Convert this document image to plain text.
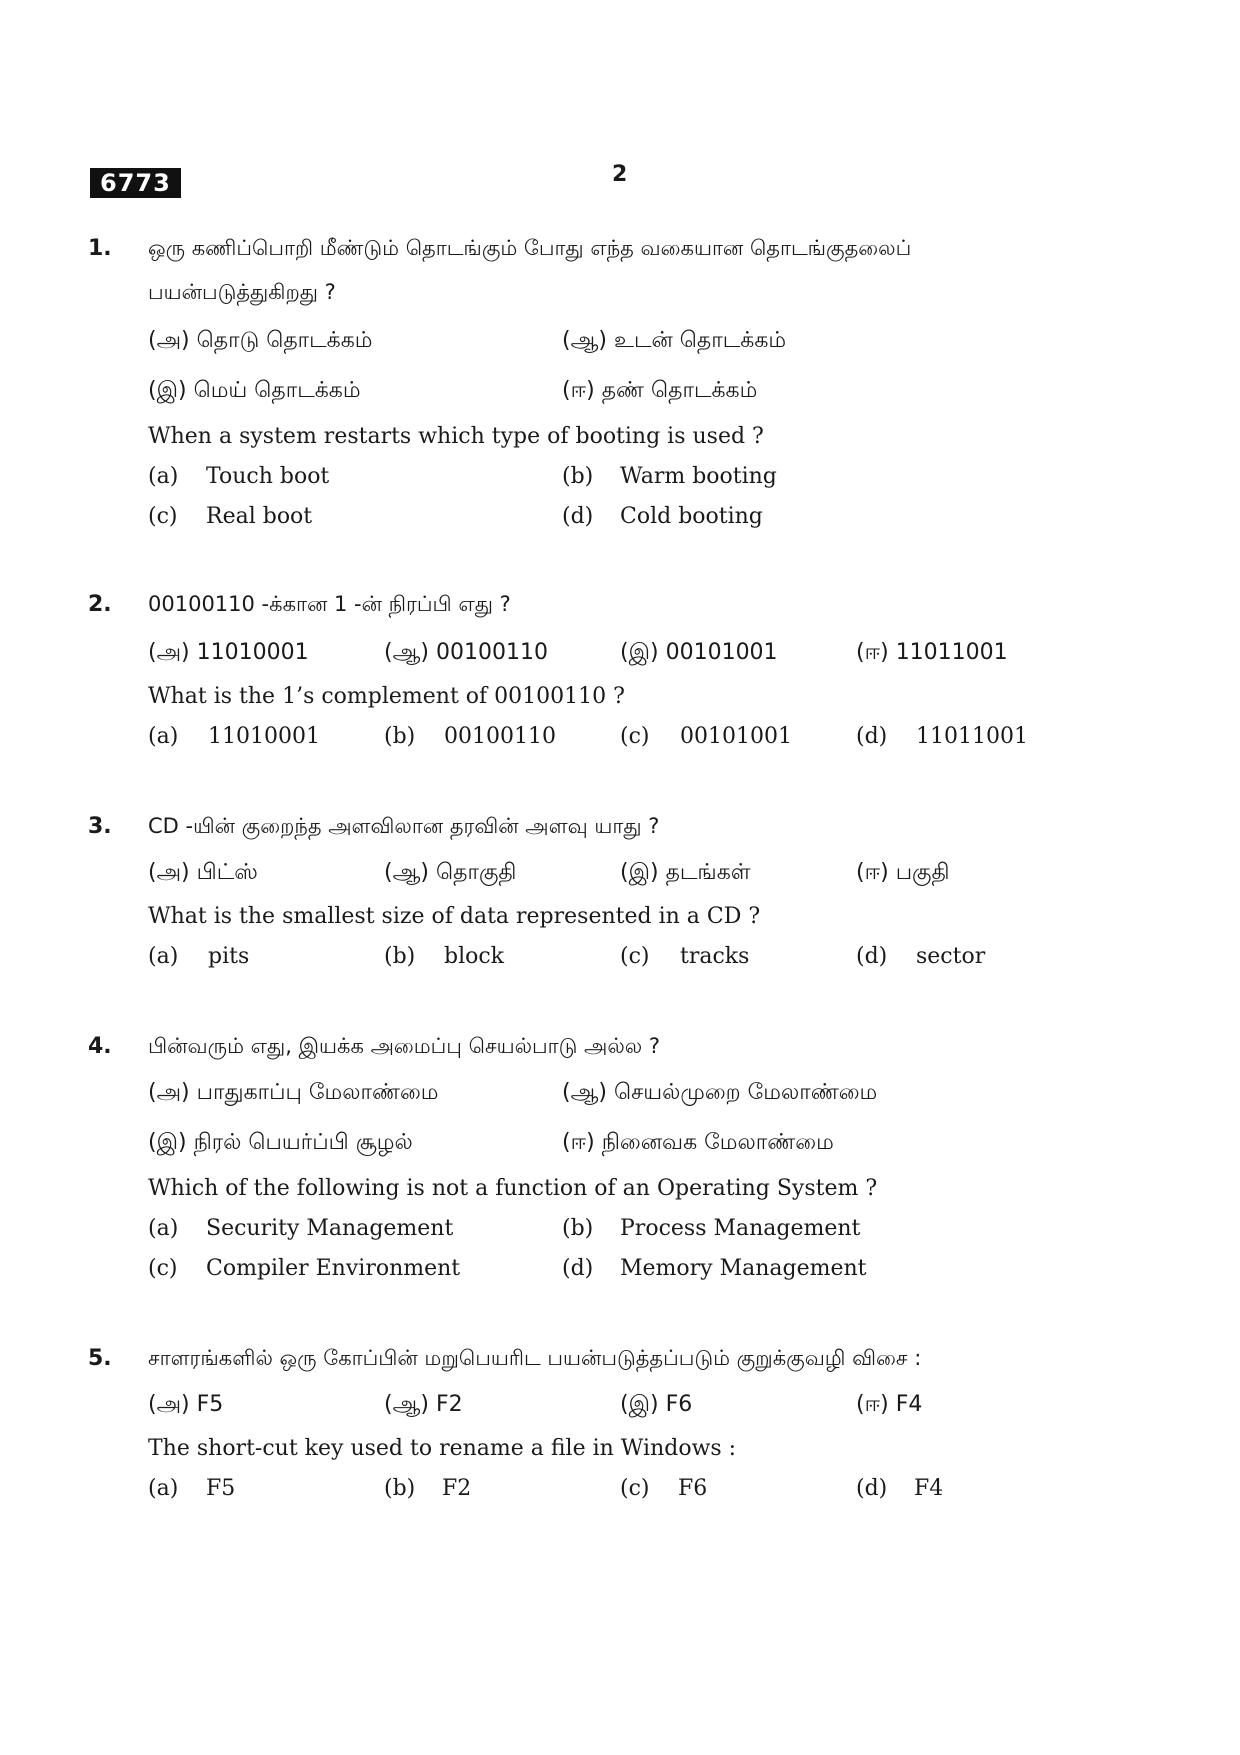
6773	2
1. ஒரு கணிப்பொறி மீண்டும் தொடங்கும் போது எந்த வகையான தொடங்குதலைப்
பயன்படுத்துகிறது ?
(அ) தொடு தொடக்கம்	(ஆ) உடன் தொடக்கம்
(இ) மெய் தொடக்கம்	(ஈ) தண் தொடக்கம்
When a system restarts which type of booting is used ?
(a) Touch boot	(b) Warm booting
(c) Real boot	(d) Cold booting
2. 00100110 -க்கான 1 -ன் நிரப்பி எது ?
(அ) 11010001	(ஆ) 00100110	(இ) 00101001	(ஈ) 11011001
What is the 1’s complement of 00100110 ?
(a) 11010001	(b) 00100110	(c) 00101001	(d) 11011001
3. CD -யின் குறைந்த அளவிலான தரவின் அளவு யாது ?
(அ) பிட்ஸ்	(ஆ) தொகுதி	(இ) தடங்கள்	(ஈ) பகுதி
What is the smallest size of data represented in a CD ?
(a) pits	(b) block	(c) tracks	(d) sector
4. பின்வரும் எது, இயக்க அமைப்பு செயல்பாடு அல்ல ?
(அ) பாதுகாப்பு மேலாண்மை	(ஆ) செயல்முறை மேலாண்மை
(இ) நிரல் பெயர்ப்பி சூழல்	(ஈ) நினைவக மேலாண்மை
Which of the following is not a function of an Operating System ?
(a) Security Management	(b) Process Management
(c) Compiler Environment	(d) Memory Management
5. சாளரங்களில் ஒரு கோப்பின் மறுபெயரிட பயன்படுத்தப்படும் குறுக்குவழி விசை :
(அ) F5	(ஆ) F2	(இ) F6	(ஈ) F4
The short-cut key used to rename a file in Windows :
(a) F5	(b) F2	(c) F6	(d) F4
